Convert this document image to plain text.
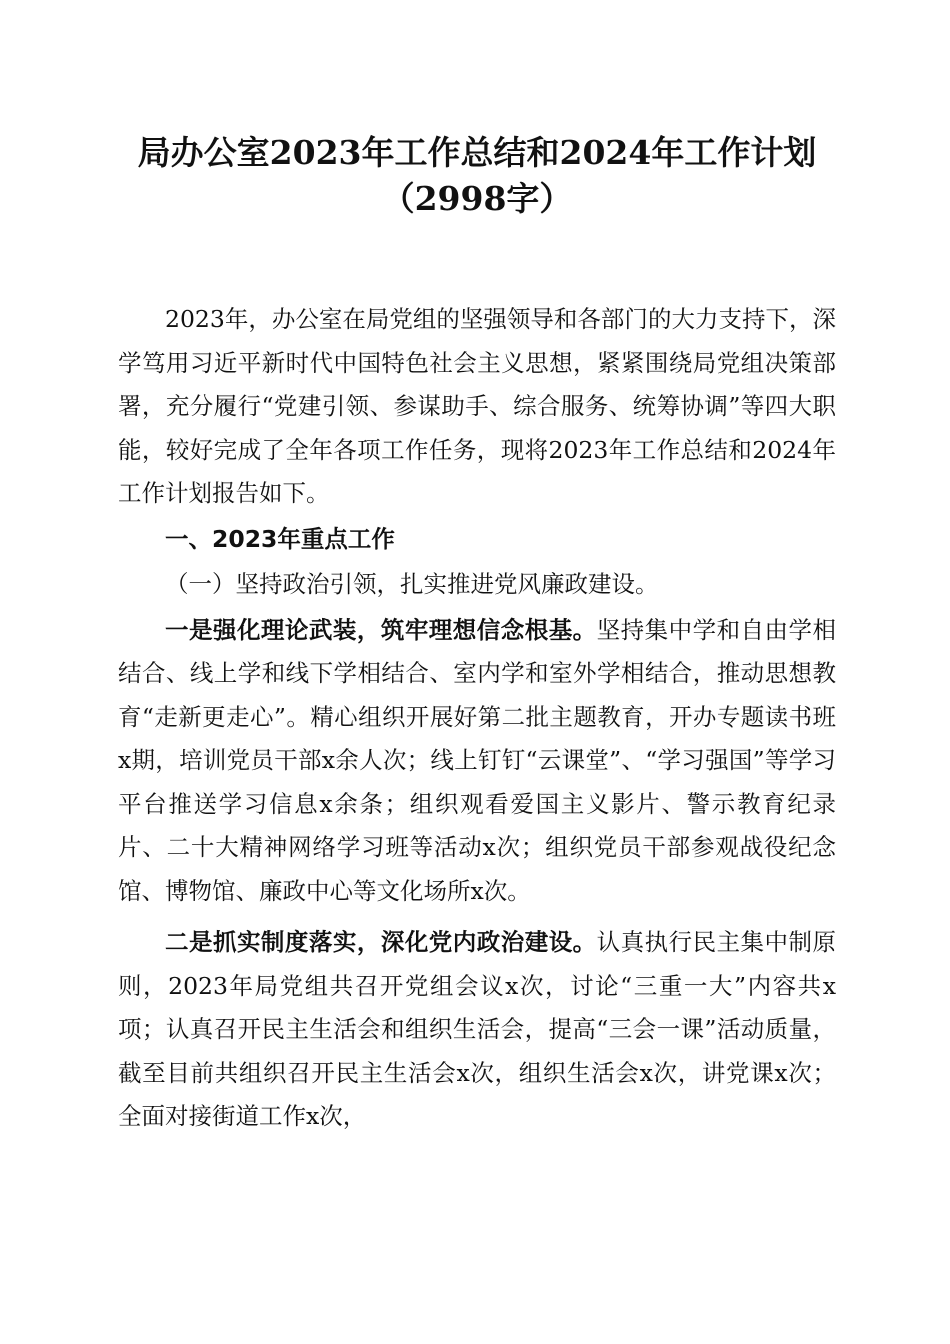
局办公室2023年工作总结和2024年工作计划
（2998字）

2023年，办公室在局党组的坚强领导和各部门的大力支持下，深学笃用习近平新时代中国特色社会主义思想，紧紧围绕局党组决策部署，充分履行“党建引领、参谋助手、综合服务、统筹协调”等四大职能，较好完成了全年各项工作任务，现将2023年工作总结和2024年工作计划报告如下。

一、2023年重点工作

（一）坚持政治引领，扎实推进党风廉政建设。

一是强化理论武装，筑牢理想信念根基。坚持集中学和自由学相结合、线上学和线下学相结合、室内学和室外学相结合，推动思想教育“走新更走心”。精心组织开展好第二批主题教育，开办专题读书班x期，培训党员干部x余人次；线上钉钉“云课堂”、“学习强国”等学习平台推送学习信息x余条；组织观看爱国主义影片、警示教育纪录片、二十大精神网络学习班等活动x次；组织党员干部参观战役纪念馆、博物馆、廉政中心等文化场所x次。

二是抓实制度落实，深化党内政治建设。认真执行民主集中制原则，2023年局党组共召开党组会议x次，讨论“三重一大”内容共x项；认真召开民主生活会和组织生活会，提高“三会一课”活动质量，截至目前共组织召开民主生活会x次，组织生活会x次，讲党课x次；全面对接街道工作x次，
